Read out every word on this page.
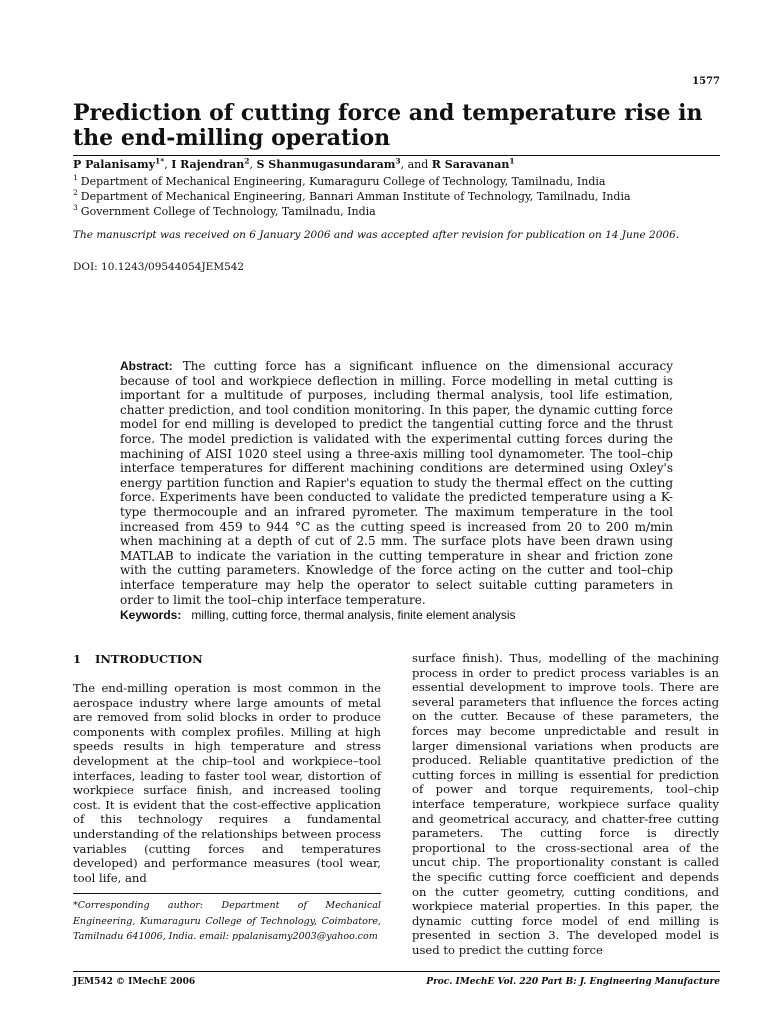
1577
Prediction of cutting force and temperature rise in the end-milling operation
P Palanisamy$^{1*}$, I Rajendran$^2$, S Shanmugasundaram$^3$, and R Saravanan$^1$
$^1$ Department of Mechanical Engineering, Kumaraguru College of Technology, Tamilnadu, India
$^2$ Department of Mechanical Engineering, Bannari Amman Institute of Technology, Tamilnadu, India
$^3$ Government College of Technology, Tamilnadu, India
The manuscript was received on 6 January 2006 and was accepted after revision for publication on 14 June 2006.
DOI: 10.1243/09544054JEM542

Abstract: The cutting force has a significant influence on the dimensional accuracy because of tool and workpiece deflection in milling. Force modelling in metal cutting is important for a multitude of purposes, including thermal analysis, tool life estimation, chatter prediction, and tool condition monitoring. In this paper, the dynamic cutting force model for end milling is developed to predict the tangential cutting force and the thrust force. The model prediction is validated with the experimental cutting forces during the machining of AISI 1020 steel using a three-axis milling tool dynamometer. The tool–chip interface temperatures for different machining conditions are determined using Oxley's energy partition function and Rapier's equation to study the thermal effect on the cutting force. Experiments have been conducted to validate the predicted temperature using a K-type thermocouple and an infrared pyrometer. The maximum temperature in the tool increased from 459 to 944 °C as the cutting speed is increased from 20 to 200 m/min when machining at a depth of cut of 2.5 mm. The surface plots have been drawn using MATLAB to indicate the variation in the cutting temperature in shear and friction zone with the cutting parameters. Knowledge of the force acting on the cutter and tool–chip interface temperature may help the operator to select suitable cutting parameters in order to limit the tool–chip interface temperature.

Keywords: milling, cutting force, thermal analysis, finite element analysis
1 INTRODUCTION

The end-milling operation is most common in the aerospace industry where large amounts of metal are removed from solid blocks in order to produce components with complex profiles. Milling at high speeds results in high temperature and stress development at the chip–tool and workpiece–tool interfaces, leading to faster tool wear, distortion of workpiece surface finish, and increased tooling cost. It is evident that the cost-effective application of this technology requires a fundamental understanding of the relationships between process variables (cutting forces and temperatures developed) and performance measures (tool wear, tool life, and

surface finish). Thus, modelling of the machining process in order to predict process variables is an essential development to improve tools. There are several parameters that influence the forces acting on the cutter. Because of these parameters, the forces may become unpredictable and result in larger dimensional variations when products are produced. Reliable quantitative prediction of the cutting forces in milling is essential for prediction of power and torque requirements, tool–chip interface temperature, workpiece surface quality and geometrical accuracy, and chatter-free cutting parameters. The cutting force is directly proportional to the cross-sectional area of the uncut chip. The proportionality constant is called the specific cutting force coefficient and depends on the cutter geometry, cutting conditions, and workpiece material properties. In this paper, the dynamic cutting force model of end milling is presented in section 3. The developed model is used to predict the cutting force

*Corresponding author: Department of Mechanical Engineering, Kumaraguru College of Technology, Coimbatore, Tamilnadu 641006, India. email: ppalanisamy2003@yahoo.com

JEM542 © IMechE 2006	Proc. IMechE Vol. 220 Part B: J. Engineering Manufacture
